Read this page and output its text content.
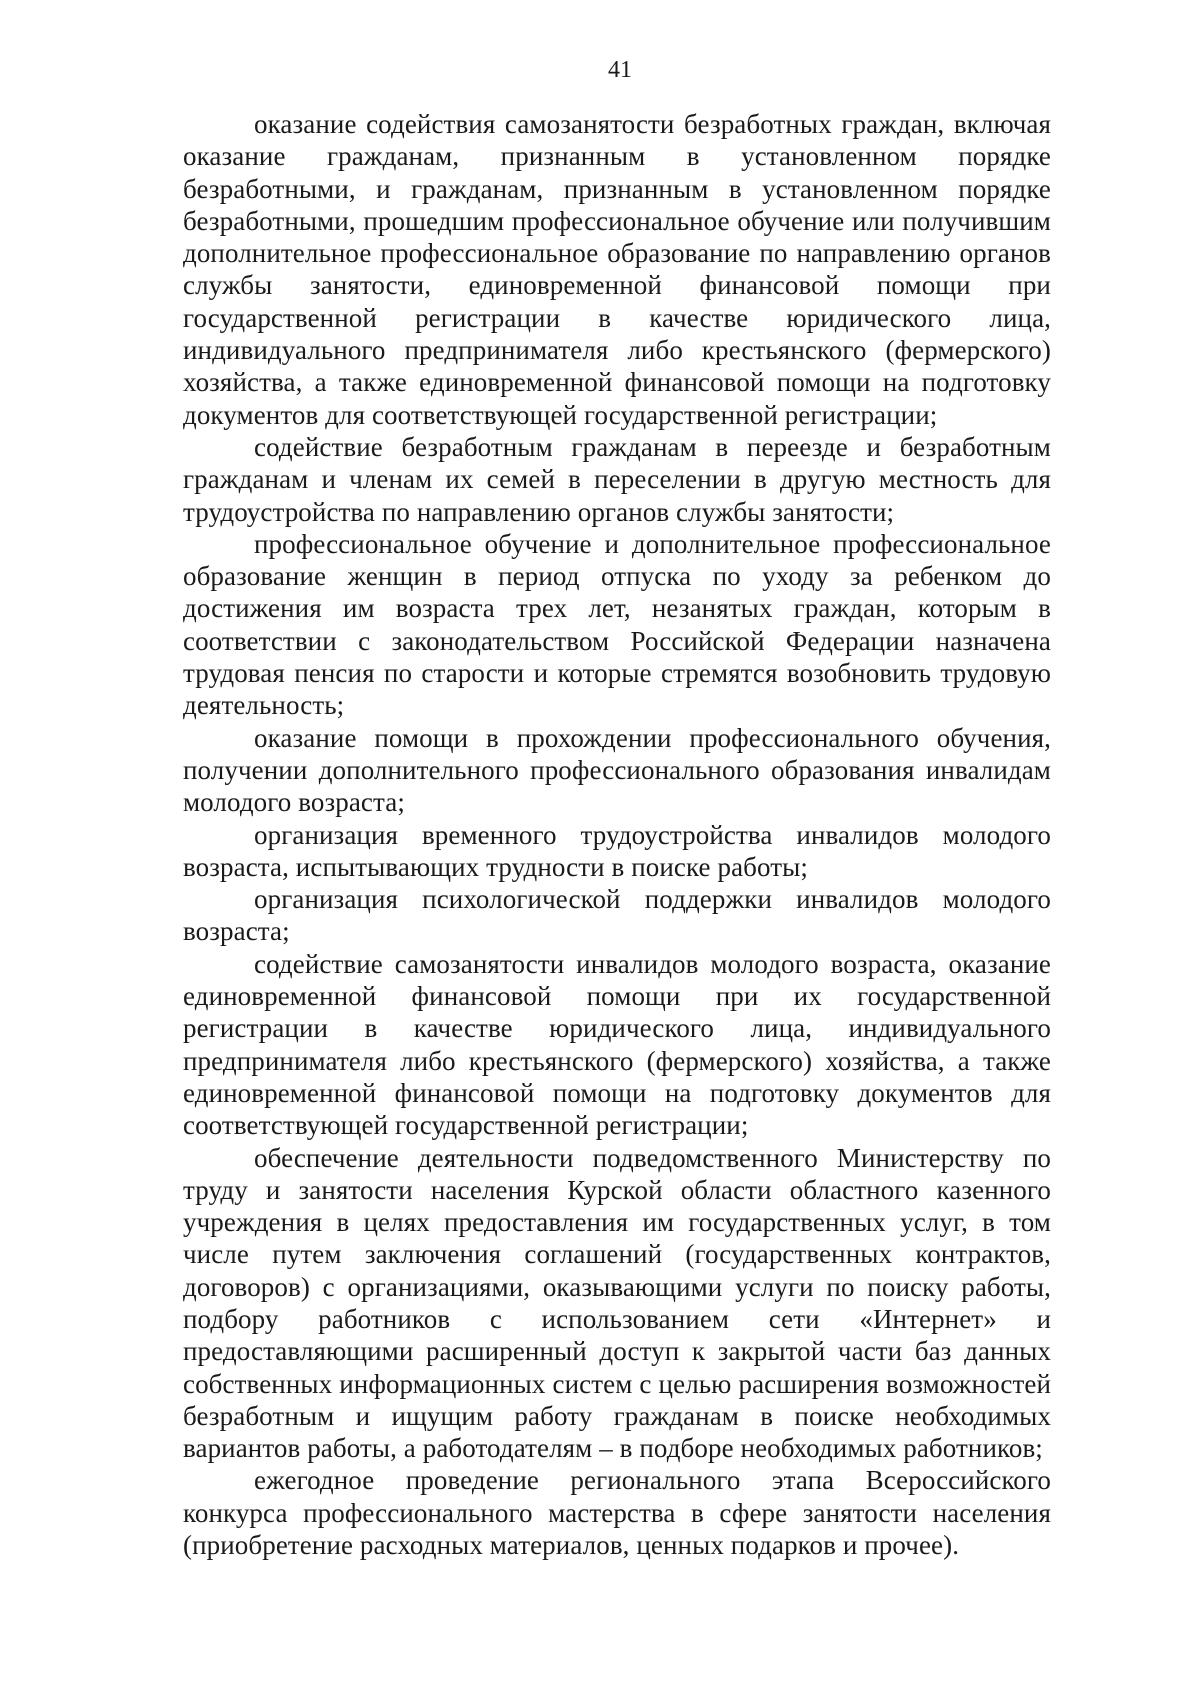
41

оказание содействия самозанятости безработных граждан, включая оказание гражданам, признанным в установленном порядке безработными, и гражданам, признанным в установленном порядке безработными, прошедшим профессиональное обучение или получившим дополнительное профессиональное образование по направлению органов службы занятости, единовременной финансовой помощи при государственной регистрации в качестве юридического лица, индивидуального предпринимателя либо крестьянского (фермерского) хозяйства, а также единовременной финансовой помощи на подготовку документов для соответствующей государственной регистрации;

содействие безработным гражданам в переезде и безработным гражданам и членам их семей в переселении в другую местность для трудоустройства по направлению органов службы занятости;

профессиональное обучение и дополнительное профессиональное образование женщин в период отпуска по уходу за ребенком до достижения им возраста трех лет, незанятых граждан, которым в соответствии с законодательством Российской Федерации назначена трудовая пенсия по старости и которые стремятся возобновить трудовую деятельность;

оказание помощи в прохождении профессионального обучения, получении дополнительного профессионального образования инвалидам молодого возраста;

организация временного трудоустройства инвалидов молодого возраста, испытывающих трудности в поиске работы;

организация психологической поддержки инвалидов молодого возраста;

содействие самозанятости инвалидов молодого возраста, оказание единовременной финансовой помощи при их государственной регистрации в качестве юридического лица, индивидуального предпринимателя либо крестьянского (фермерского) хозяйства, а также единовременной финансовой помощи на подготовку документов для соответствующей государственной регистрации;

обеспечение деятельности подведомственного Министерству по труду и занятости населения Курской области областного казенного учреждения в целях предоставления им государственных услуг, в том числе путем заключения соглашений (государственных контрактов, договоров) с организациями, оказывающими услуги по поиску работы, подбору работников с использованием сети «Интернет» и предоставляющими расширенный доступ к закрытой части баз данных собственных информационных систем с целью расширения возможностей безработным и ищущим работу гражданам в поиске необходимых вариантов работы, а работодателям – в подборе необходимых работников;

ежегодное проведение регионального этапа Всероссийского конкурса профессионального мастерства в сфере занятости населения (приобретение расходных материалов, ценных подарков и прочее).
